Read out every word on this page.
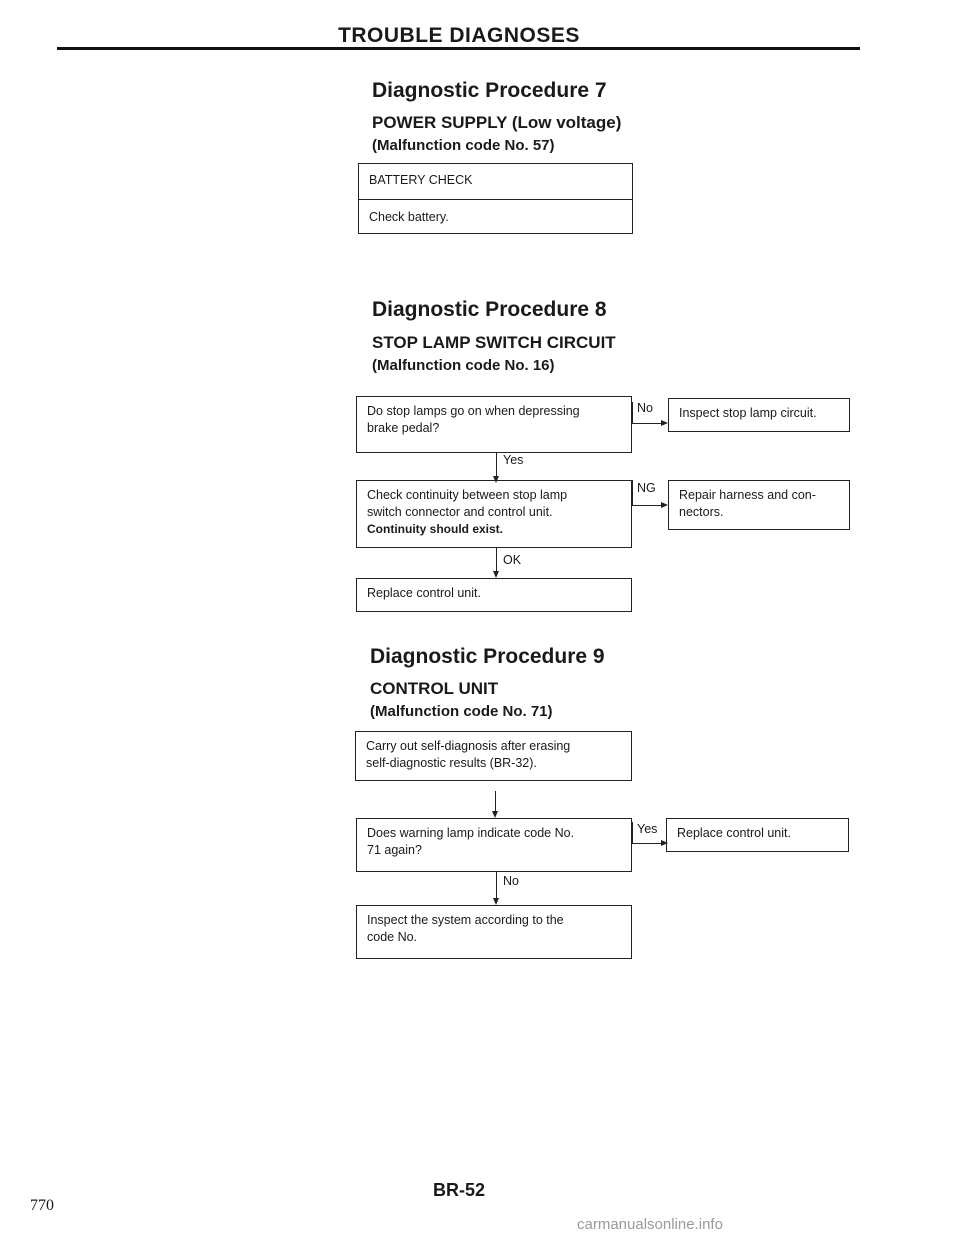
TROUBLE DIAGNOSES
Diagnostic Procedure 7
POWER SUPPLY (Low voltage)
(Malfunction code No. 57)
BATTERY CHECK
Check battery.
Diagnostic Procedure 8
STOP LAMP SWITCH CIRCUIT
(Malfunction code No. 16)
Do stop lamps go on when depressing
brake pedal?
No Inspect stop lamp circuit.
Yes
Check continuity between stop lamp
switch connector and control unit.
Continuity should exist.
NG Repair harness and con-
nectors.
OK
Replace control unit.
Diagnostic Procedure 9
CONTROL UNIT
(Malfunction code No. 71)
Carry out self-diagnosis after erasing
self-diagnostic results (BR-32).
Does warning lamp indicate code No.
71 again?
Yes Replace control unit.
No
Inspect the system according to the
code No.
BR-52
770
carmanualsonline.info
